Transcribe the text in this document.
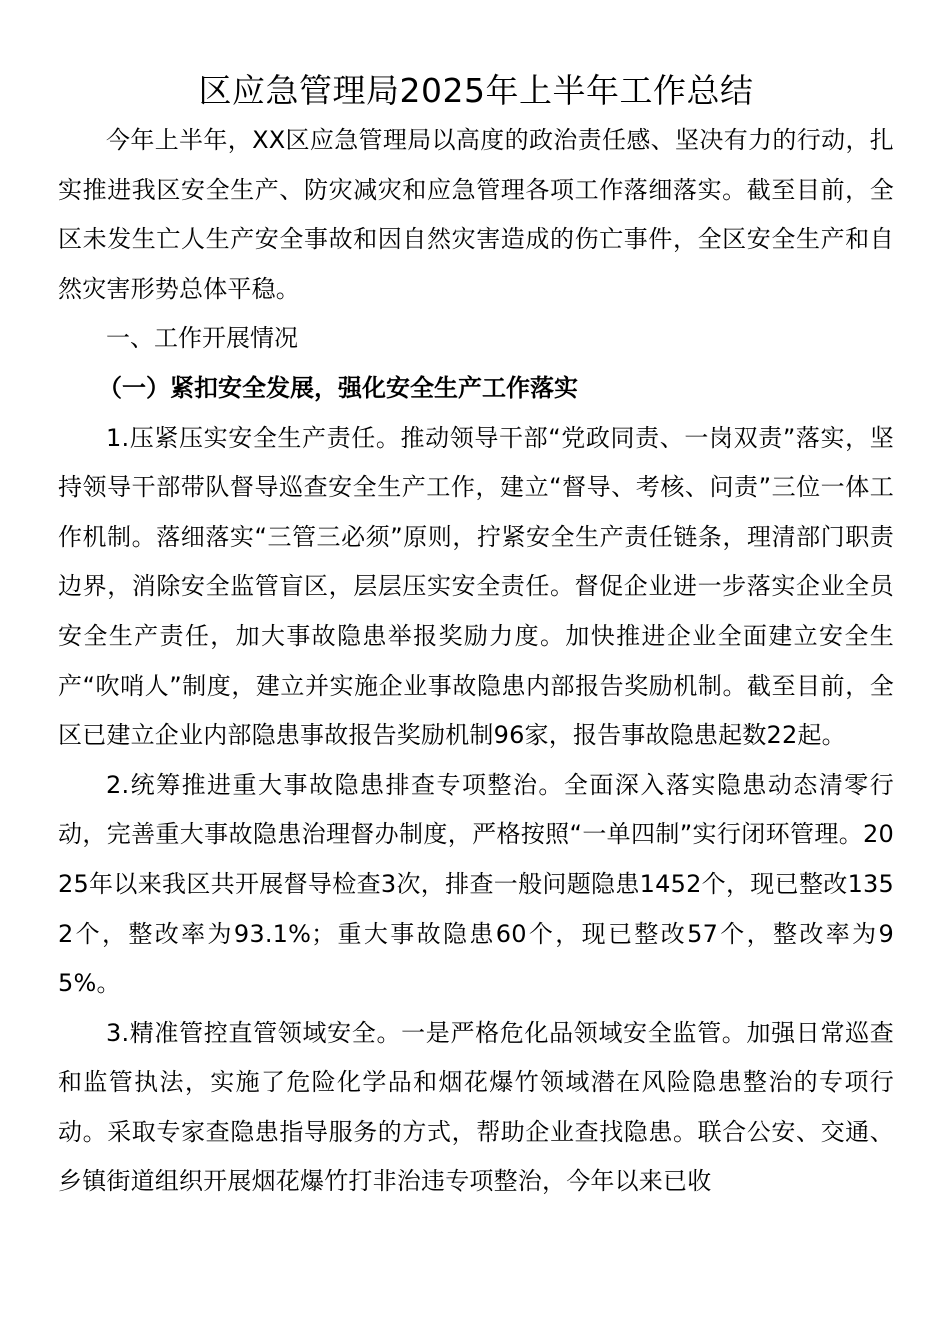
区应急管理局2025年上半年工作总结

今年上半年，XX区应急管理局以高度的政治责任感、坚决有力的行动，扎实推进我区安全生产、防灾减灾和应急管理各项工作落细落实。截至目前，全区未发生亡人生产安全事故和因自然灾害造成的伤亡事件，全区安全生产和自然灾害形势总体平稳。

一、工作开展情况

（一）紧扣安全发展，强化安全生产工作落实

1.压紧压实安全生产责任。推动领导干部“党政同责、一岗双责”落实，坚持领导干部带队督导巡查安全生产工作，建立“督导、考核、问责”三位一体工作机制。落细落实“三管三必须”原则，拧紧安全生产责任链条，理清部门职责边界，消除安全监管盲区，层层压实安全责任。督促企业进一步落实企业全员安全生产责任，加大事故隐患举报奖励力度。加快推进企业全面建立安全生产“吹哨人”制度，建立并实施企业事故隐患内部报告奖励机制。截至目前，全区已建立企业内部隐患事故报告奖励机制96家，报告事故隐患起数22起。

2.统筹推进重大事故隐患排查专项整治。全面深入落实隐患动态清零行动，完善重大事故隐患治理督办制度，严格按照“一单四制”实行闭环管理。2025年以来我区共开展督导检查3次，排查一般问题隐患1452个，现已整改1352个，整改率为93.1%；重大事故隐患60个，现已整改57个，整改率为95%。

3.精准管控直管领域安全。一是严格危化品领域安全监管。加强日常巡查和监管执法，实施了危险化学品和烟花爆竹领域潜在风险隐患整治的专项行动。采取专家查隐患指导服务的方式，帮助企业查找隐患。联合公安、交通、乡镇街道组织开展烟花爆竹打非治违专项整治，今年以来已收
